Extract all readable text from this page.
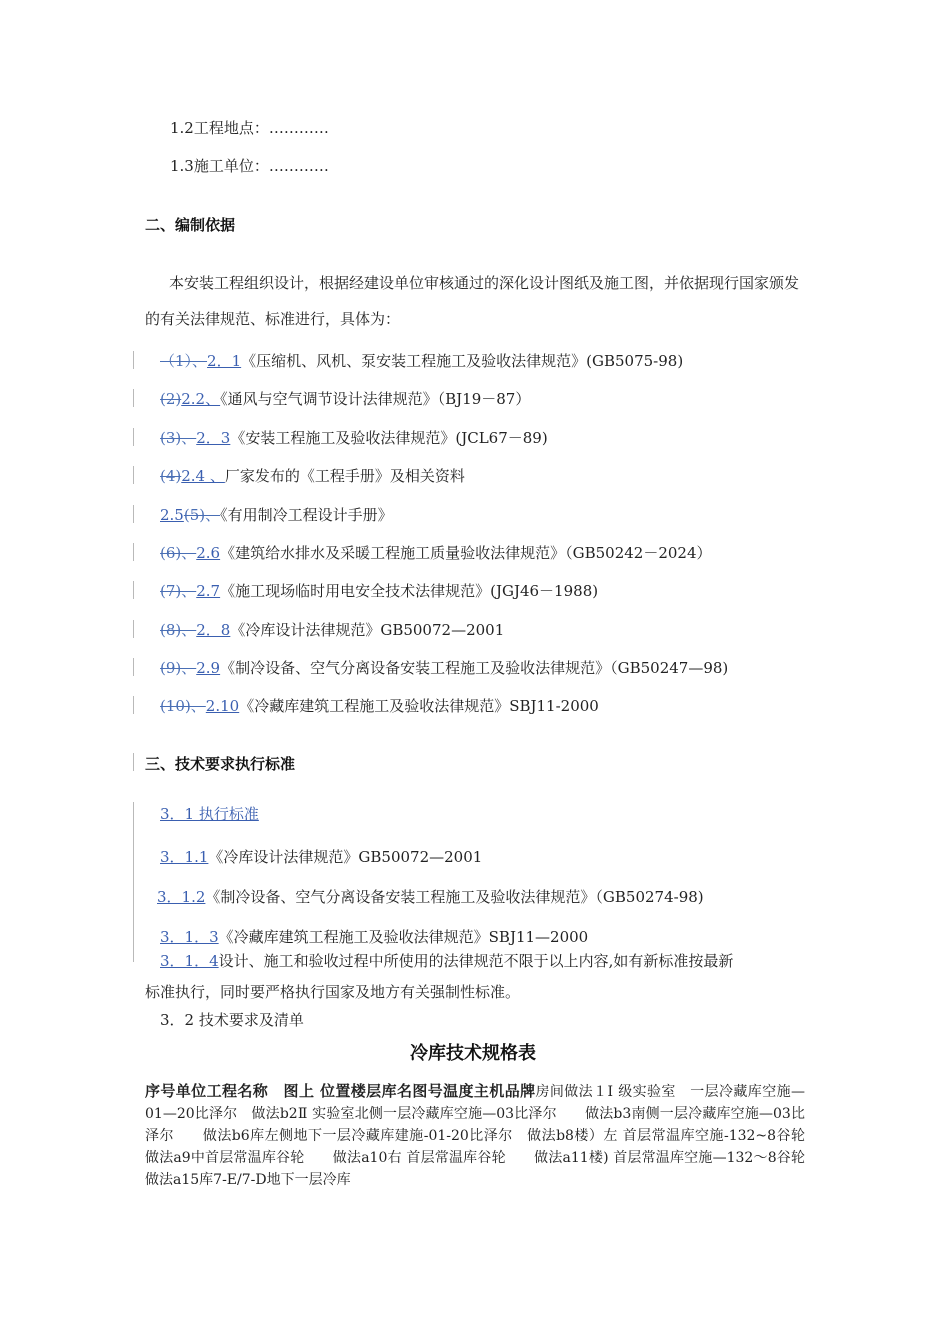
1.2工程地点：…………
1.3施工单位：…………
二、编制依据
本安装工程组织设计，根据经建设单位审核通过的深化设计图纸及施工图，并依据现行国家颁发的有关法律规范、标准进行，具体为：
（1）、2．1《压缩机、风机、泵安装工程施工及验收法律规范》(GB5075-98)
(2)2.2、《通风与空气调节设计法律规范》（BJ19－87）
(3)、2．3《安装工程施工及验收法律规范》(JCL67－89)
(4)2.4 、厂家发布的《工程手册》及相关资料
2.5(5)、《有用制冷工程设计手册》
(6)、2.6《建筑给水排水及采暖工程施工质量验收法律规范》（GB50242－2024）
(7)、2.7《施工现场临时用电安全技术法律规范》(JGJ46－1988)
(8)、2．8《冷库设计法律规范》GB50072—2001
(9)、2.9《制冷设备、空气分离设备安装工程施工及验收法律规范》（GB50247—98)
(10)、2.10《冷藏库建筑工程施工及验收法律规范》SBJ11-2000
三、技术要求执行标准
3．1 执行标准
3．1.1《冷库设计法律规范》GB50072—2001
3．1.2《制冷设备、空气分离设备安装工程施工及验收法律规范》（GB50274-98)
3．1．3《冷藏库建筑工程施工及验收法律规范》SBJ11—2000
3．1．4设计、施工和验收过程中所使用的法律规范不限于以上内容,如有新标准按最新
标准执行，同时要严格执行国家及地方有关强制性标准。
3．2 技术要求及清单
冷库技术规格表
序号单位工程名称　图上 位置楼层库名图号温度主机品牌房间做法１Ⅰ 级实验室　一层冷藏库空施—01—20比泽尔　做法b2Ⅱ 实验室北侧一层冷藏库空施—03比泽尔　　做法b3南侧一层冷藏库空施—03比泽尔　　做法b6库左侧地下一层冷藏库建施-01-20比泽尔　做法b8楼）左 首层常温库空施-132~8谷轮　　做法a9中首层常温库谷轮　　做法a10右 首层常温库谷轮　　做法a11楼) 首层常温库空施—132～8谷轮　做法a15库7-E/7-D地下一层冷库
